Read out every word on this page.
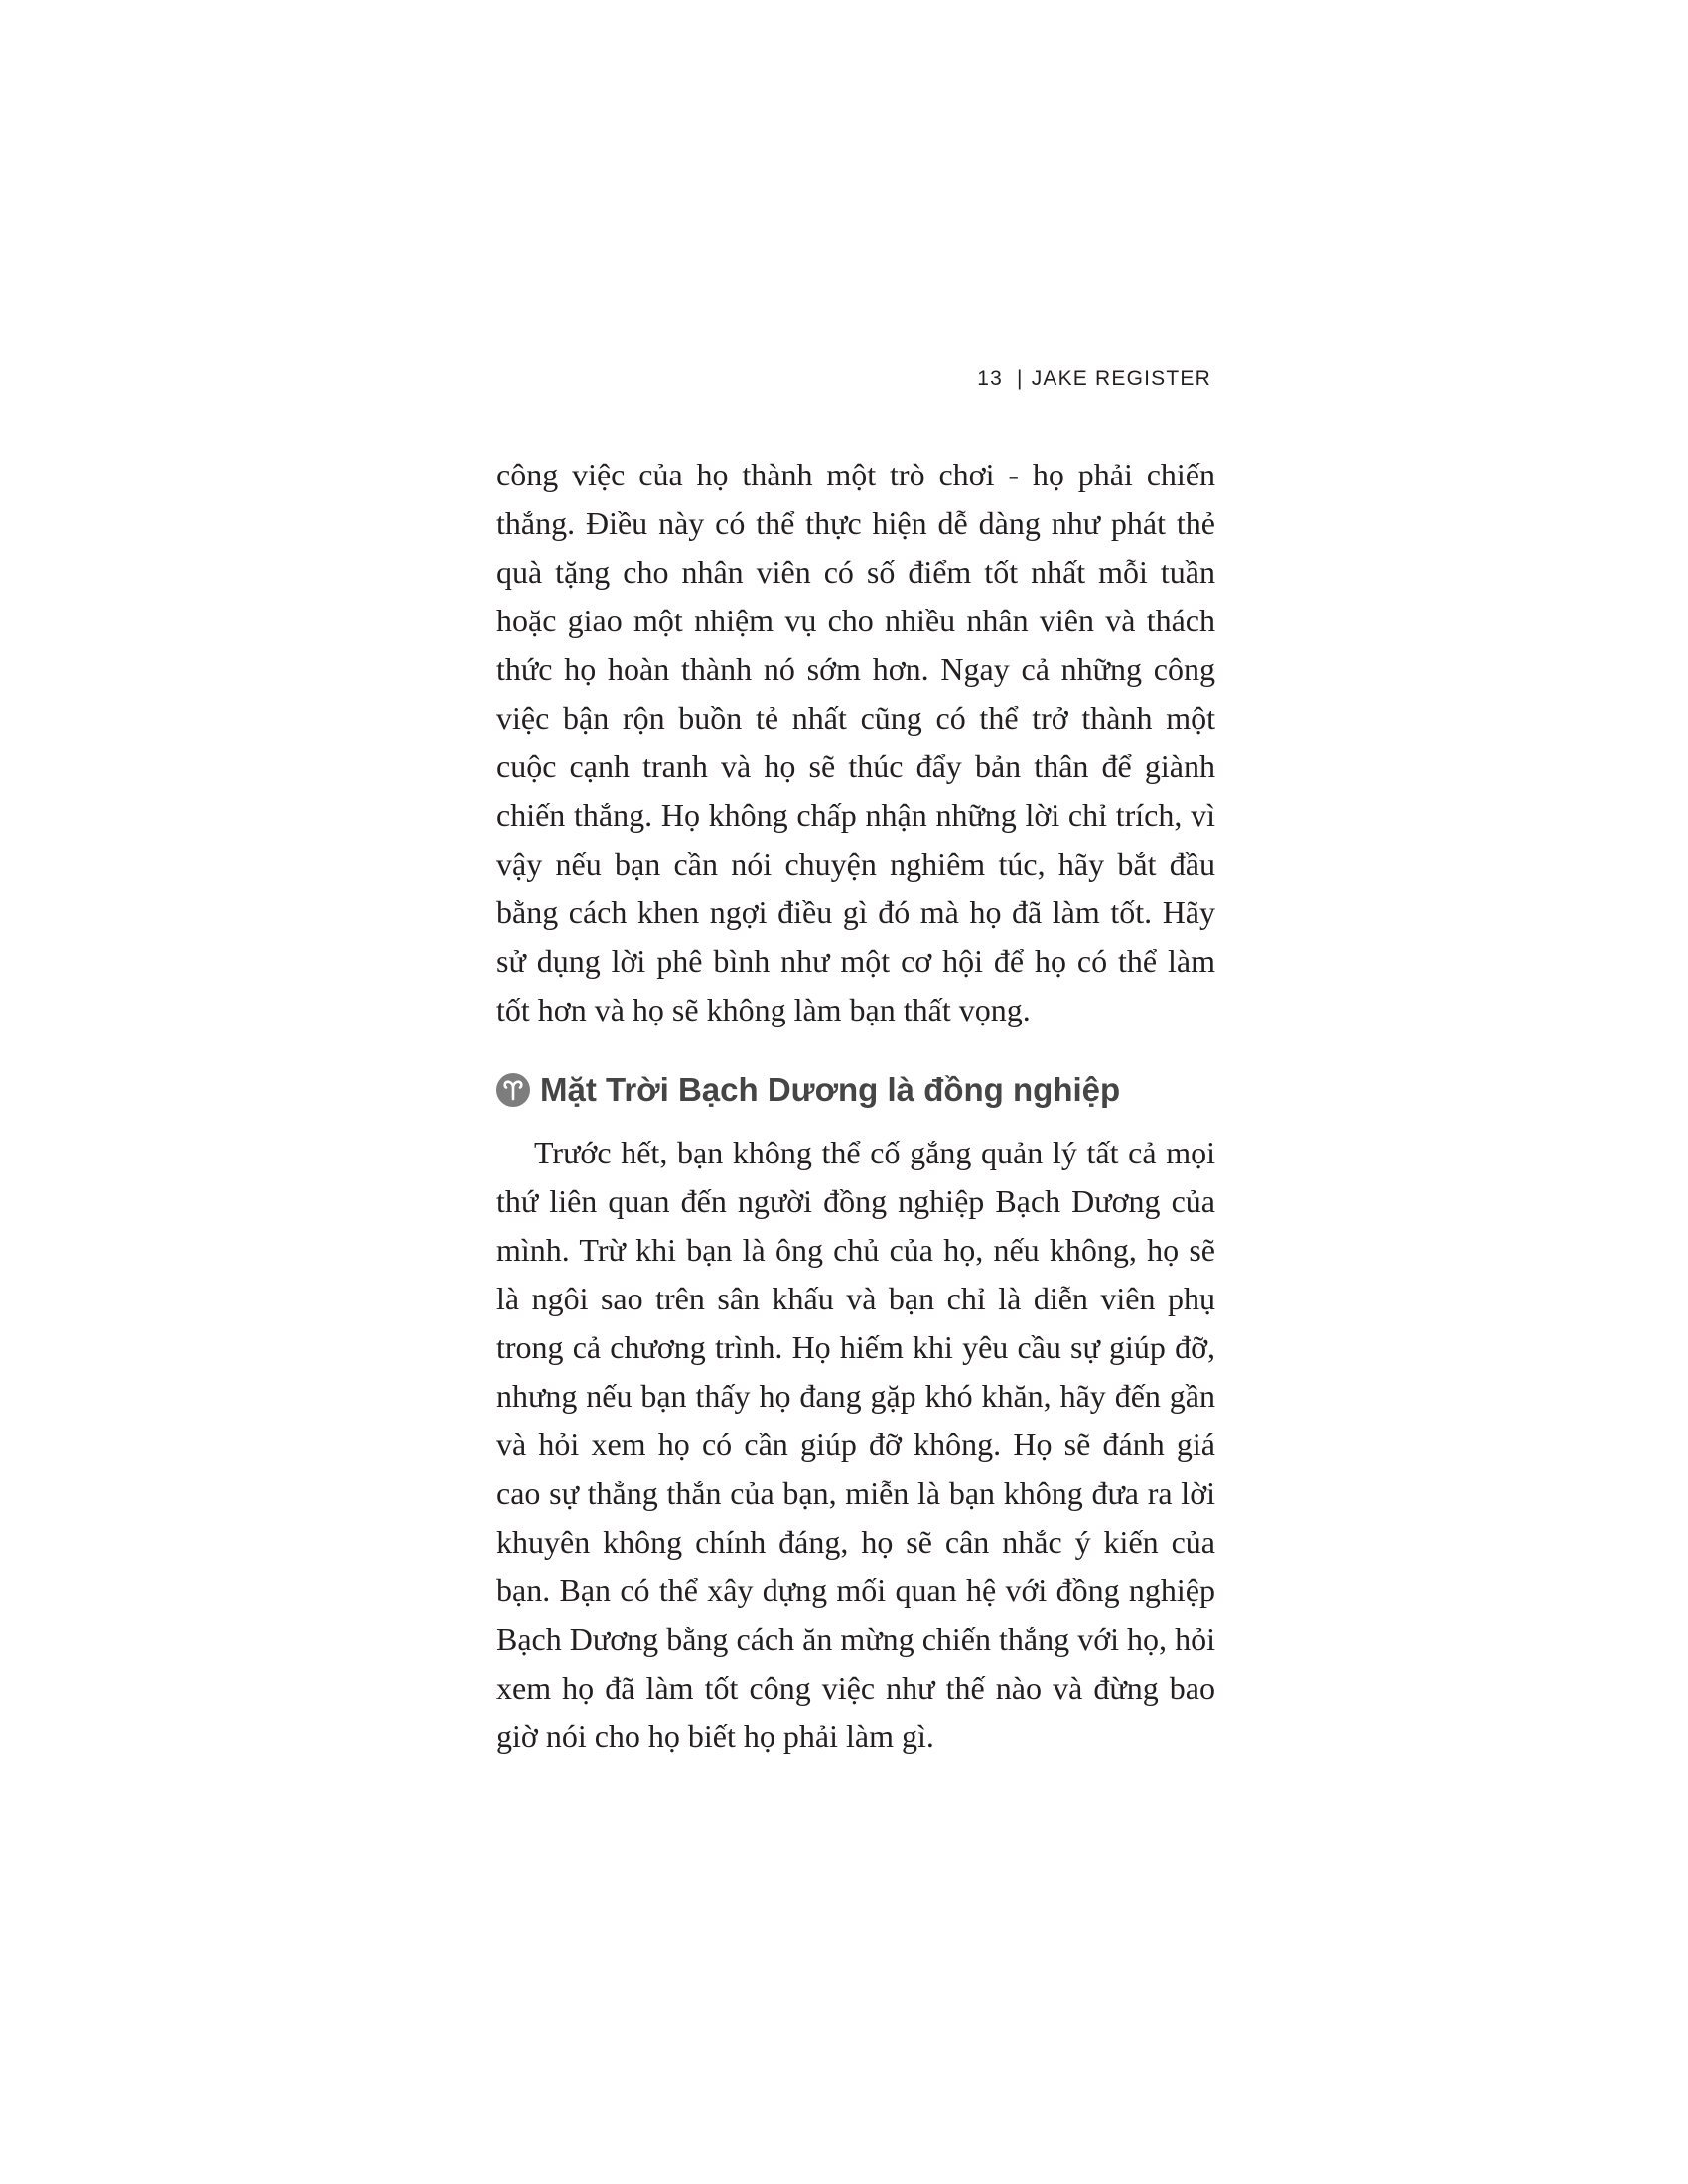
13 | JAKE REGISTER

công việc của họ thành một trò chơi - họ phải chiến thắng. Điều này có thể thực hiện dễ dàng như phát thẻ quà tặng cho nhân viên có số điểm tốt nhất mỗi tuần hoặc giao một nhiệm vụ cho nhiều nhân viên và thách thức họ hoàn thành nó sớm hơn. Ngay cả những công việc bận rộn buồn tẻ nhất cũng có thể trở thành một cuộc cạnh tranh và họ sẽ thúc đẩy bản thân để giành chiến thắng. Họ không chấp nhận những lời chỉ trích, vì vậy nếu bạn cần nói chuyện nghiêm túc, hãy bắt đầu bằng cách khen ngợi điều gì đó mà họ đã làm tốt. Hãy sử dụng lời phê bình như một cơ hội để họ có thể làm tốt hơn và họ sẽ không làm bạn thất vọng.

Mặt Trời Bạch Dương là đồng nghiệp

Trước hết, bạn không thể cố gắng quản lý tất cả mọi thứ liên quan đến người đồng nghiệp Bạch Dương của mình. Trừ khi bạn là ông chủ của họ, nếu không, họ sẽ là ngôi sao trên sân khấu và bạn chỉ là diễn viên phụ trong cả chương trình. Họ hiếm khi yêu cầu sự giúp đỡ, nhưng nếu bạn thấy họ đang gặp khó khăn, hãy đến gần và hỏi xem họ có cần giúp đỡ không. Họ sẽ đánh giá cao sự thẳng thắn của bạn, miễn là bạn không đưa ra lời khuyên không chính đáng, họ sẽ cân nhắc ý kiến của bạn. Bạn có thể xây dựng mối quan hệ với đồng nghiệp Bạch Dương bằng cách ăn mừng chiến thắng với họ, hỏi xem họ đã làm tốt công việc như thế nào và đừng bao giờ nói cho họ biết họ phải làm gì.
